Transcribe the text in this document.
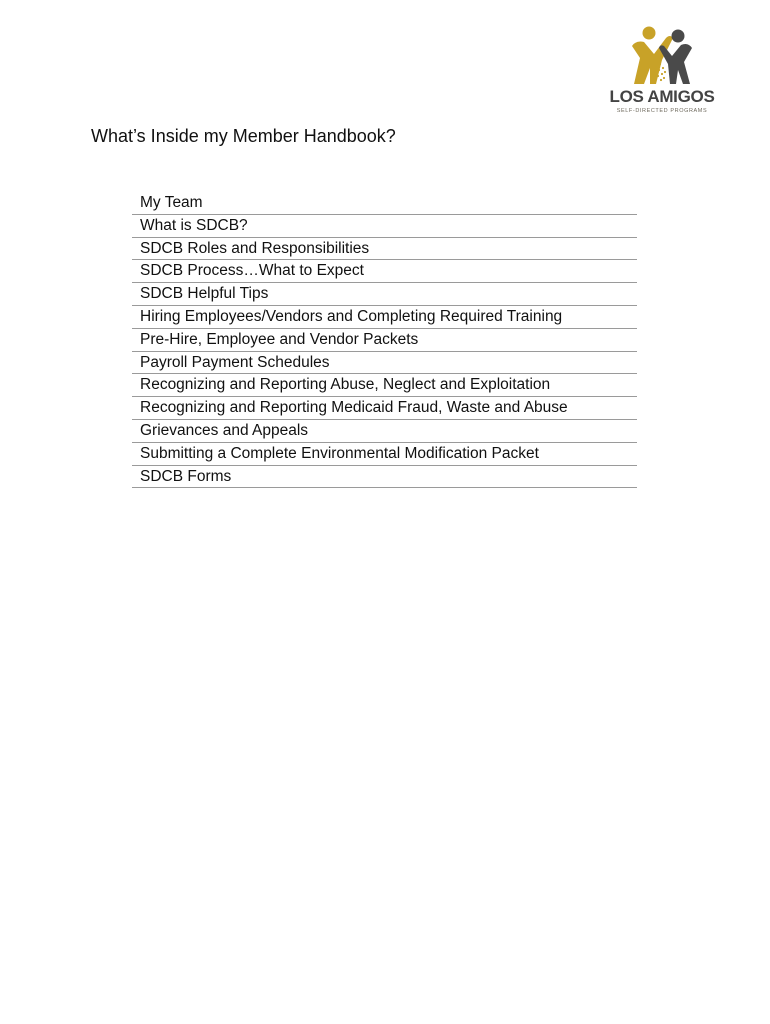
LOS AMIGOS
SELF-DIRECTED PROGRAMS
What’s Inside my Member Handbook?
My Team
What is SDCB?
SDCB Roles and Responsibilities
SDCB Process…What to Expect
SDCB Helpful Tips
Hiring Employees/Vendors and Completing Required Training
Pre-Hire, Employee and Vendor Packets
Payroll Payment Schedules
Recognizing and Reporting Abuse, Neglect and Exploitation
Recognizing and Reporting Medicaid Fraud, Waste and Abuse
Grievances and Appeals
Submitting a Complete Environmental Modification Packet
SDCB Forms
